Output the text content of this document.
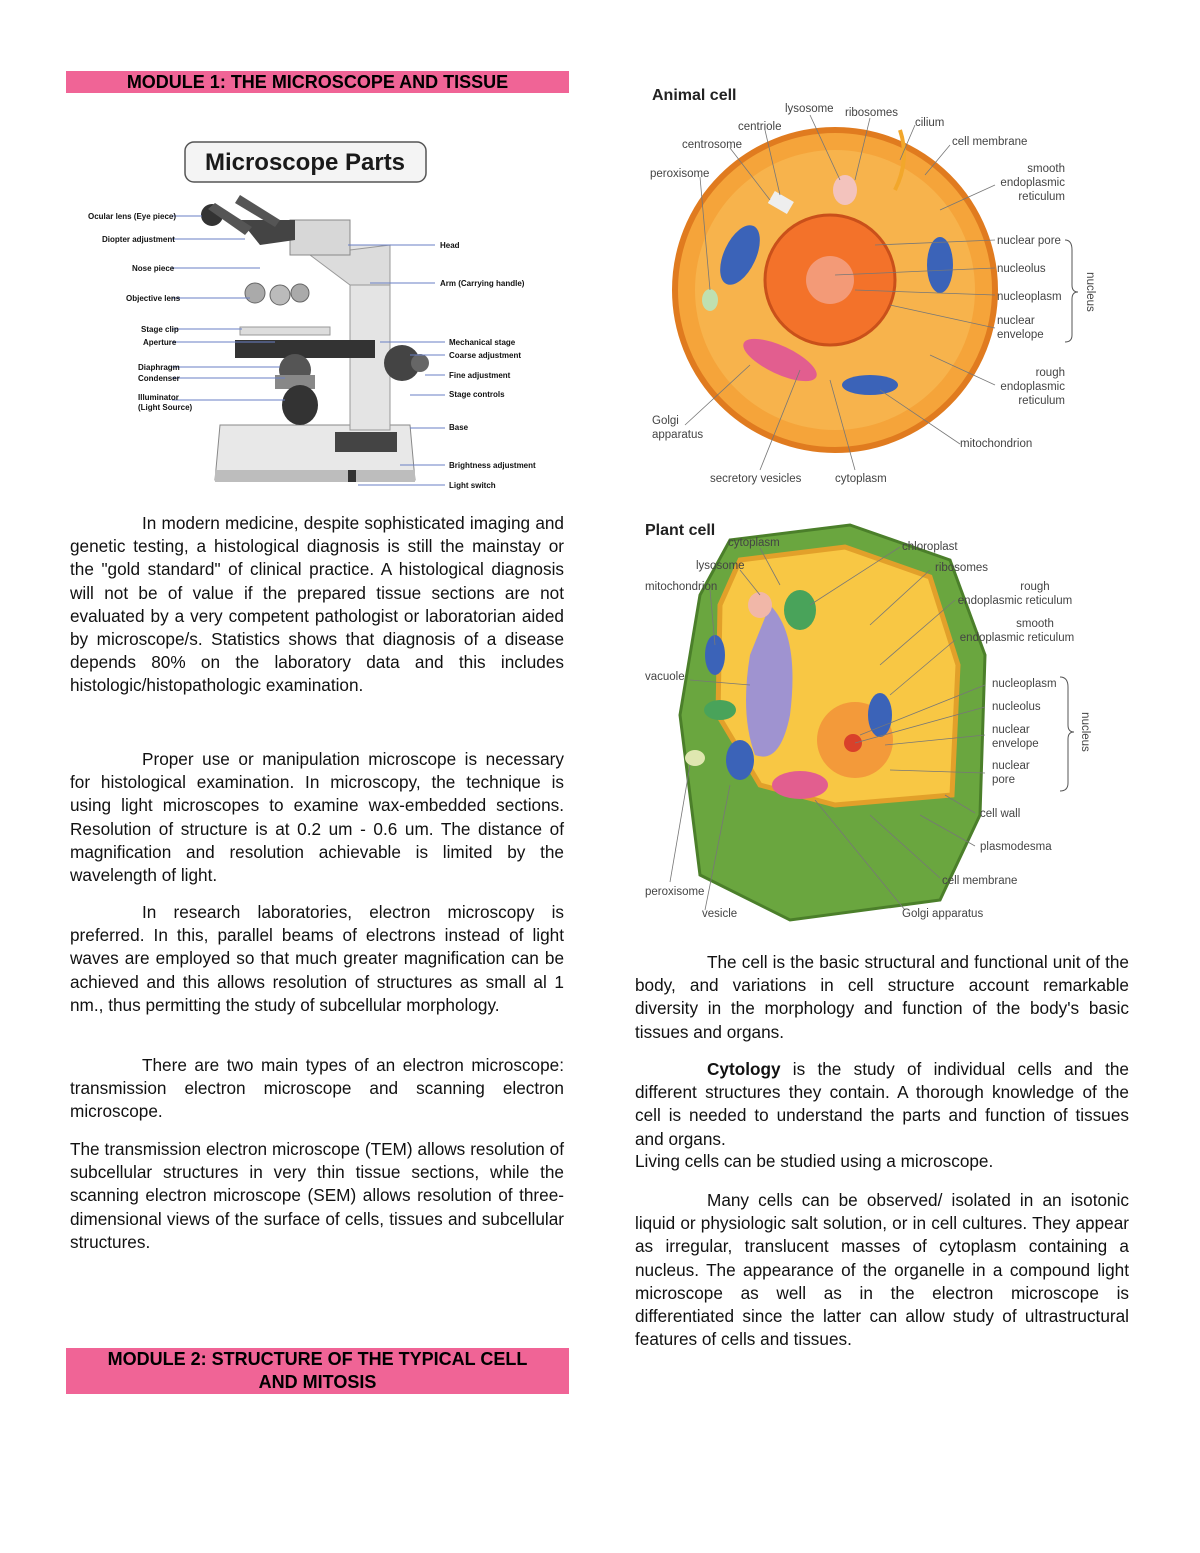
MODULE 1: THE MICROSCOPE AND TISSUE
Microscope Parts
Ocular lens (Eye piece)
Diopter adjustment
Nose piece
Objective lens
Stage clip
Aperture
Diaphragm
Condenser
Illuminator
(Light Source)
Head
Arm (Carrying handle)
Mechanical stage
Coarse adjustment
Fine adjustment
Stage controls
Base
Brightness adjustment
Light switch

In modern medicine, despite sophisticated imaging and genetic testing, a histological diagnosis is still the mainstay or the "gold standard" of clinical practice. A histological diagnosis will not be of value if the prepared tissue sections are not evaluated by a very competent pathologist or laboratorian aided by microscope/s. Statistics shows that diagnosis of a disease depends 80% on the laboratory data and this includes histologic/histopathologic examination.

Proper use or manipulation microscope is necessary for histological examination. In microscopy, the technique is using light microscopes to examine wax-embedded sections. Resolution of structure is at 0.2 um - 0.6 um. The distance of magnification and resolution achievable is limited by the wavelength of light.

In research laboratories, electron microscopy is preferred. In this, parallel beams of electrons instead of light waves are employed so that much greater magnification can be achieved and this allows resolution of structures as small al 1 nm., thus permitting the study of subcellular morphology.

There are two main types of an electron microscope: transmission electron microscope and scanning electron microscope.

The transmission electron microscope (TEM) allows resolution of subcellular structures in very thin tissue sections, while the scanning electron microscope (SEM) allows resolution of three-dimensional views of the surface of cells, tissues and subcellular structures.

MODULE 2: STRUCTURE OF THE TYPICAL CELL
AND MITOSIS
Animal cell
lysosome ribosomes
centriole	cilium
centrosome	cell membrane
peroxisome	smooth
endoplasmic
reticulum
nuclear pore
nucleolus
nucleoplasm
nuclear
envelope
rough
endoplasmic
reticulum
Golgi
apparatus
mitochondrion
secretory vesicles	cytoplasm
nucleus
Plant cell
cytoplasm	chloroplast
lysosome	ribosomes
mitochondrion	rough
endoplasmic reticulum
smooth
endoplasmic reticulum
vacuole
nucleoplasm
nucleolus
nuclear
envelope
nuclear
pore
cell wall
plasmodesma
cell membrane
peroxisome
vesicle	Golgi apparatus
nucleus

The cell is the basic structural and functional unit of the body, and variations in cell structure account remarkable diversity in the morphology and function of the body's basic tissues and organs.

Cytology is the study of individual cells and the different structures they contain. A thorough knowledge of the cell is needed to understand the parts and function of tissues and organs.

Living cells can be studied using a microscope.

Many cells can be observed/ isolated in an isotonic liquid or physiologic salt solution, or in cell cultures. They appear as irregular, translucent masses of cytoplasm containing a nucleus. The appearance of the organelle in a compound light microscope as well as in the electron microscope is differentiated since the latter can allow study of ultrastructural features of cells and tissues.
